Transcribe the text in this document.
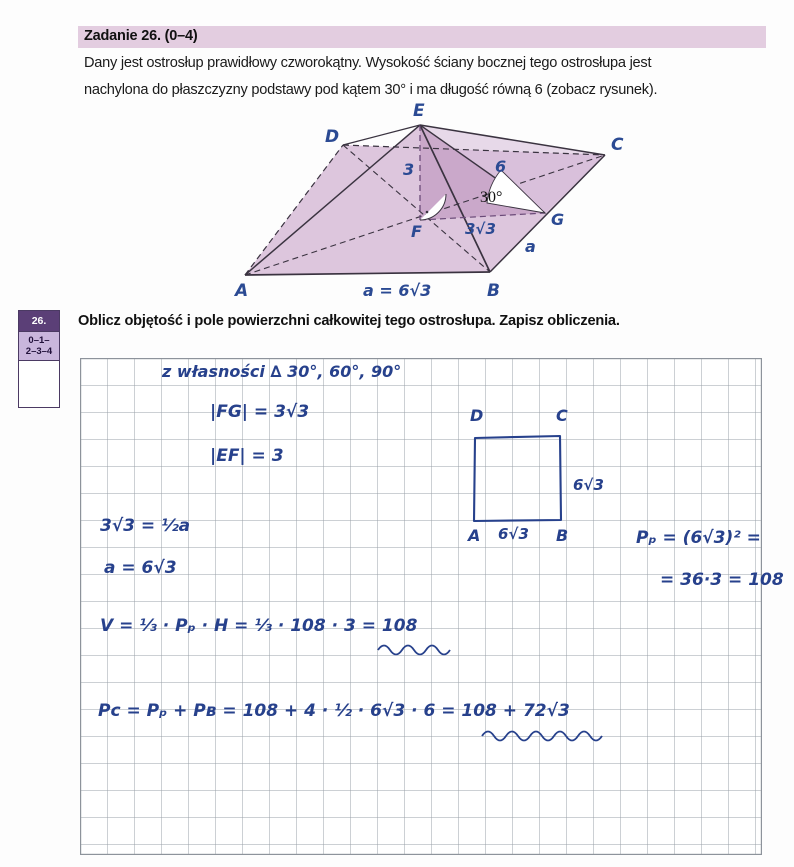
Zadanie 26. (0–4)
Dany jest ostrosłup prawidłowy czworokątny. Wysokość ściany bocznej tego ostrosłupa jest
nachylona do płaszczyzny podstawy pod kątem 30° i ma długość równą 6 (zobacz rysunek).
E
D	C
A	B
F
G
3	6
3√3
30°
a
a = 6√3
26.
0–1–
2–3–4
Oblicz objętość i pole powierzchni całkowitej tego ostrosłupa. Zapisz obliczenia.
z własności ∆ 30°, 60°, 90°
|FG| = 3√3
|EF| = 3
3√3 = ½a
a = 6√3
D	C
A	B
6√3
6√3
Pₚ = (6√3)² =
= 36·3 = 108
V = ⅓ · Pₚ · H = ⅓ · 108 · 3 = 108
Pᴄ = Pₚ + Pв = 108 + 4 · ½ · 6√3 · 6 = 108 + 72√3
